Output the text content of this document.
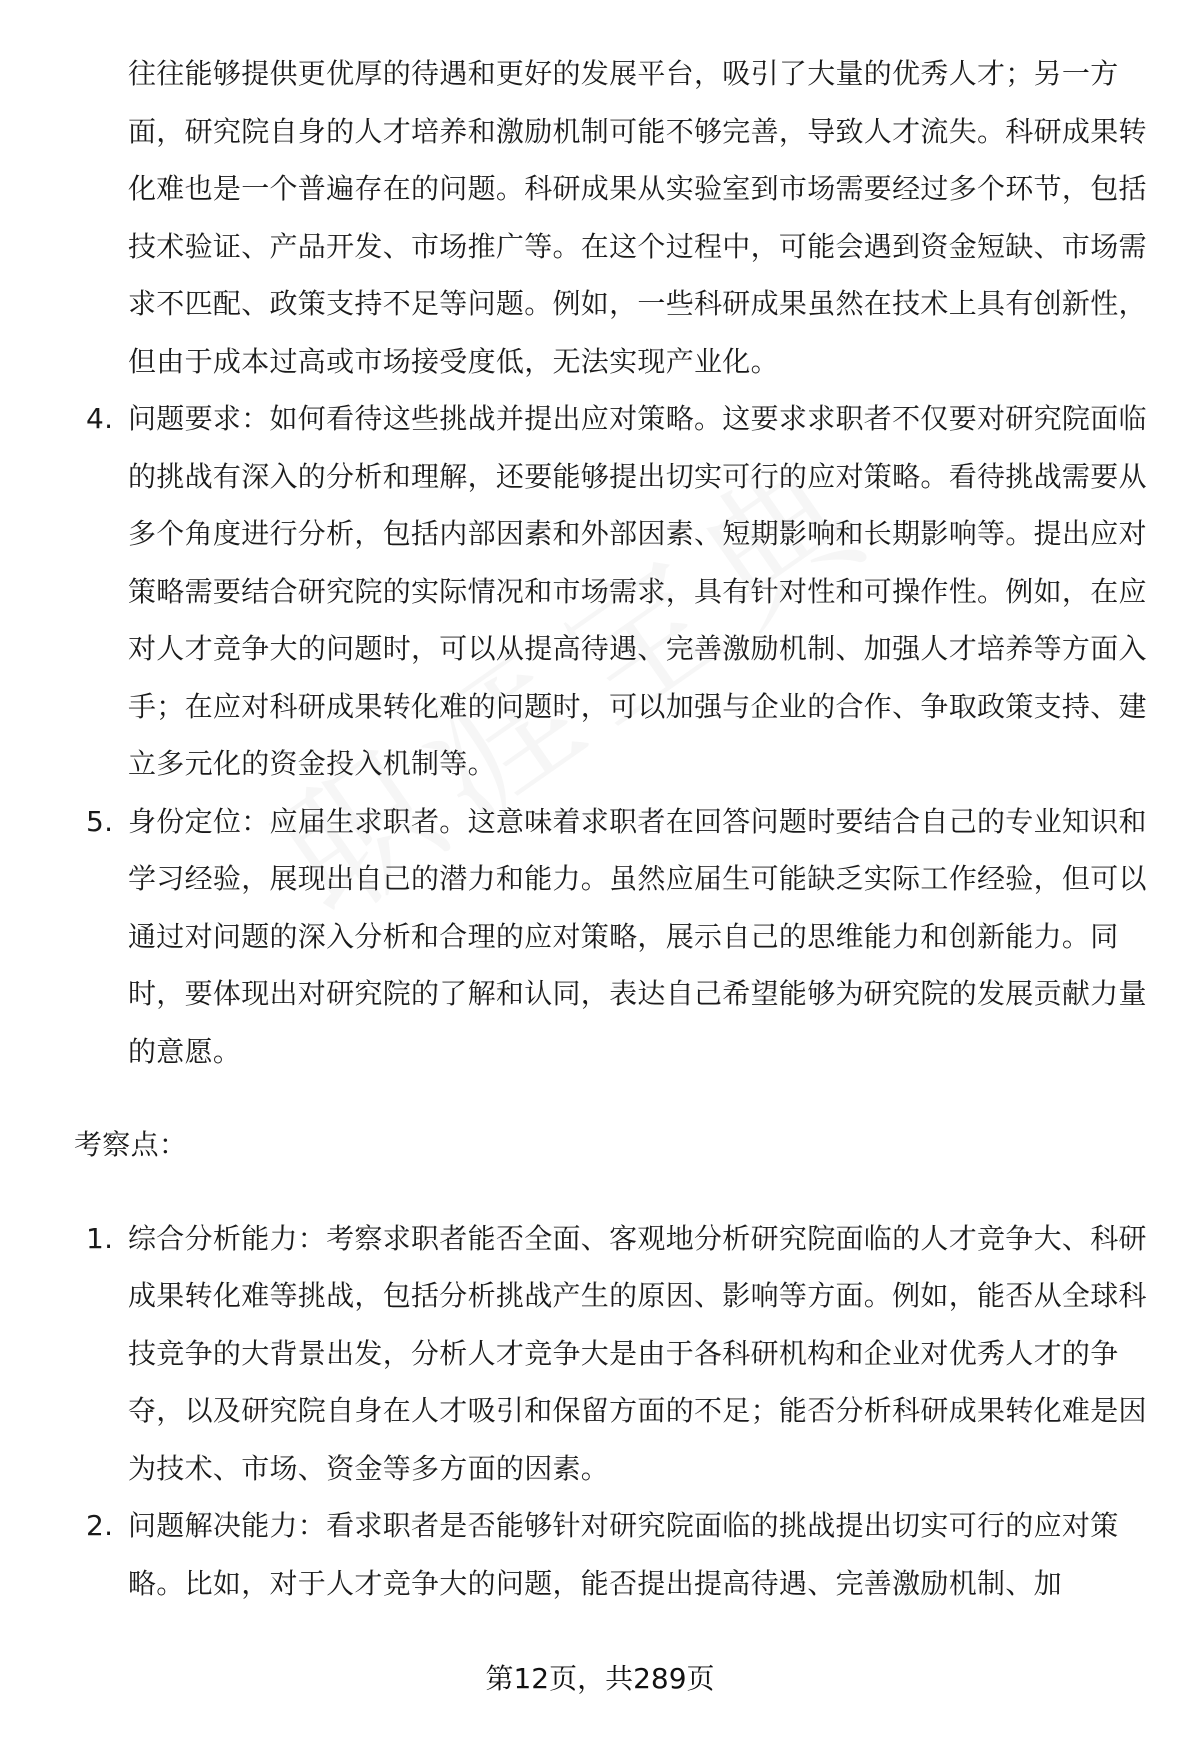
往往能够提供更优厚的待遇和更好的发展平台，吸引了大量的优秀人才；另一方面，研究院自身的人才培养和激励机制可能不够完善，导致人才流失。科研成果转化难也是一个普遍存在的问题。科研成果从实验室到市场需要经过多个环节，包括技术验证、产品开发、市场推广等。在这个过程中，可能会遇到资金短缺、市场需求不匹配、政策支持不足等问题。例如，一些科研成果虽然在技术上具有创新性，但由于成本过高或市场接受度低，无法实现产业化。

4. 问题要求：如何看待这些挑战并提出应对策略。这要求求职者不仅要对研究院面临的挑战有深入的分析和理解，还要能够提出切实可行的应对策略。看待挑战需要从多个角度进行分析，包括内部因素和外部因素、短期影响和长期影响等。提出应对策略需要结合研究院的实际情况和市场需求，具有针对性和可操作性。例如，在应对人才竞争大的问题时，可以从提高待遇、完善激励机制、加强人才培养等方面入手；在应对科研成果转化难的问题时，可以加强与企业的合作、争取政策支持、建立多元化的资金投入机制等。
5. 身份定位：应届生求职者。这意味着求职者在回答问题时要结合自己的专业知识和学习经验，展现出自己的潜力和能力。虽然应届生可能缺乏实际工作经验，但可以通过对问题的深入分析和合理的应对策略，展示自己的思维能力和创新能力。同时，要体现出对研究院的了解和认同，表达自己希望能够为研究院的发展贡献力量的意愿。

考察点：

1. 综合分析能力：考察求职者能否全面、客观地分析研究院面临的人才竞争大、科研成果转化难等挑战，包括分析挑战产生的原因、影响等方面。例如，能否从全球科技竞争的大背景出发，分析人才竞争大是由于各科研机构和企业对优秀人才的争夺，以及研究院自身在人才吸引和保留方面的不足；能否分析科研成果转化难是因为技术、市场、资金等多方面的因素。
2. 问题解决能力：看求职者是否能够针对研究院面临的挑战提出切实可行的应对策略。比如，对于人才竞争大的问题，能否提出提高待遇、完善激励机制、加
第12页，共289页
